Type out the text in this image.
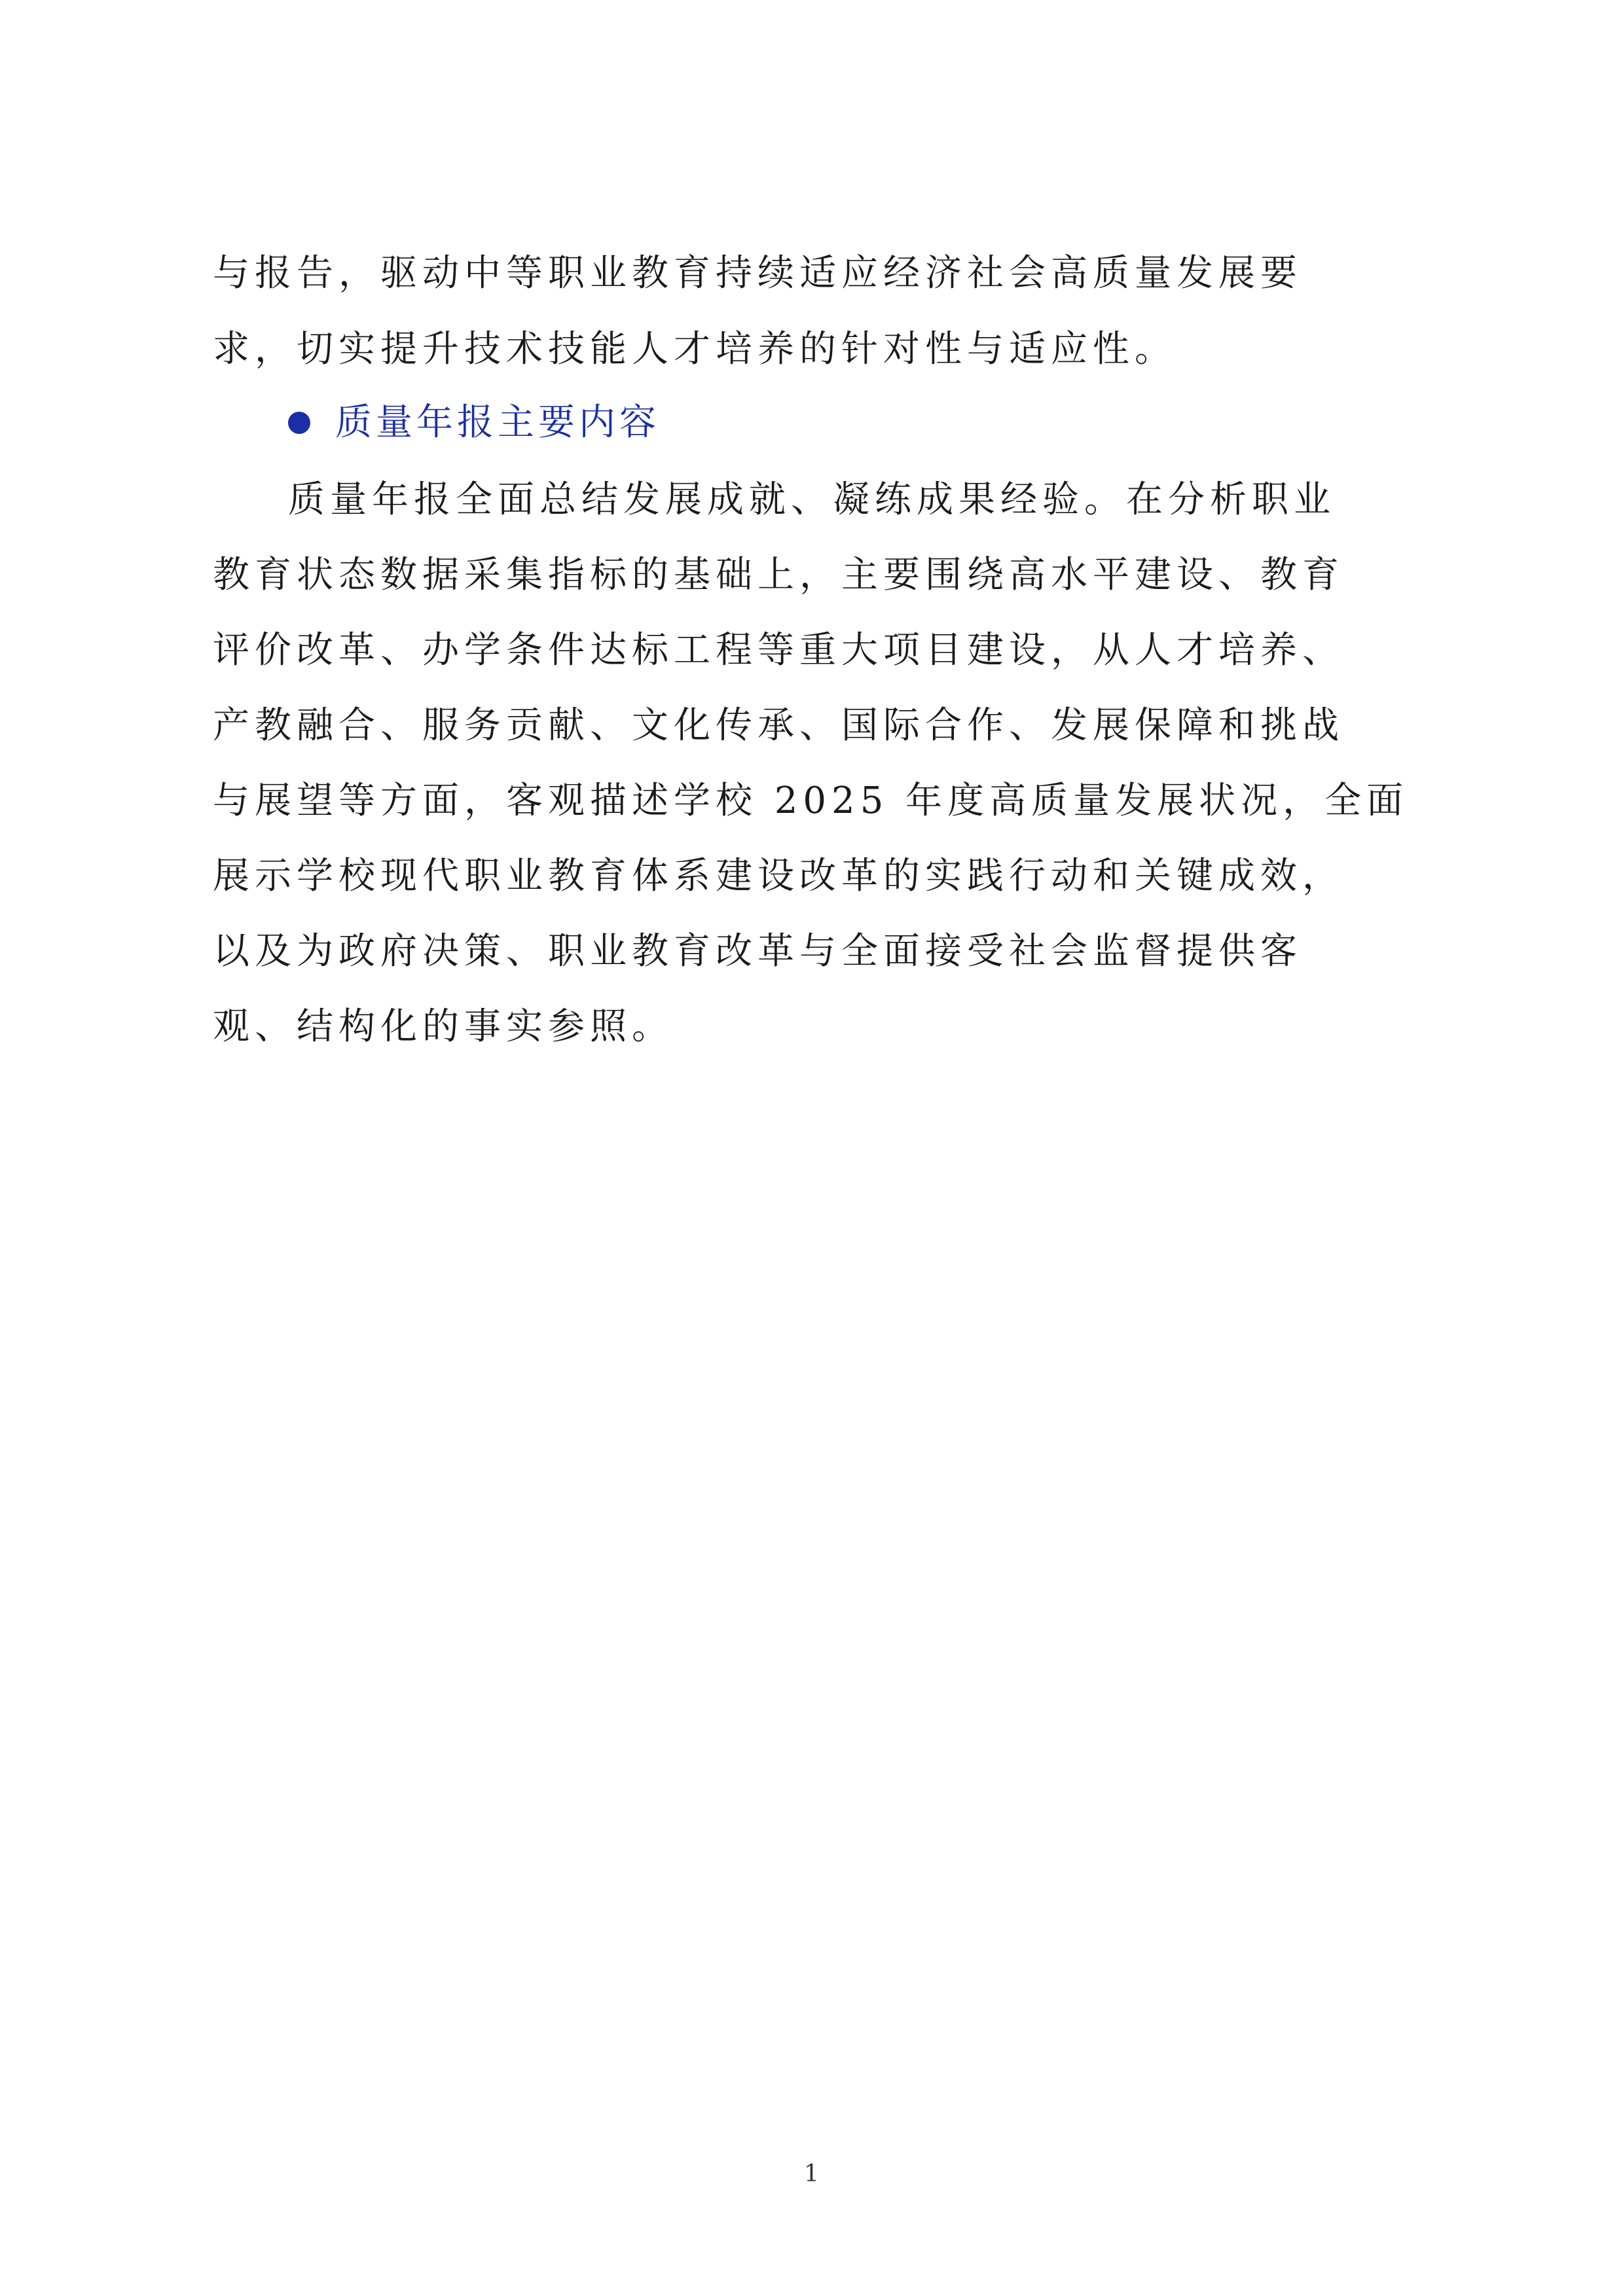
与报告，驱动中等职业教育持续适应经济社会高质量发展要
求，切实提升技术技能人才培养的针对性与适应性。
质量年报主要内容
质量年报全面总结发展成就、凝练成果经验。在分析职业
教育状态数据采集指标的基础上，主要围绕高水平建设、教育
评价改革、办学条件达标工程等重大项目建设，从人才培养、
产教融合、服务贡献、文化传承、国际合作、发展保障和挑战
与展望等方面，客观描述学校 2025 年度高质量发展状况，全面
展示学校现代职业教育体系建设改革的实践行动和关键成效，
以及为政府决策、职业教育改革与全面接受社会监督提供客
观、结构化的事实参照。
1
